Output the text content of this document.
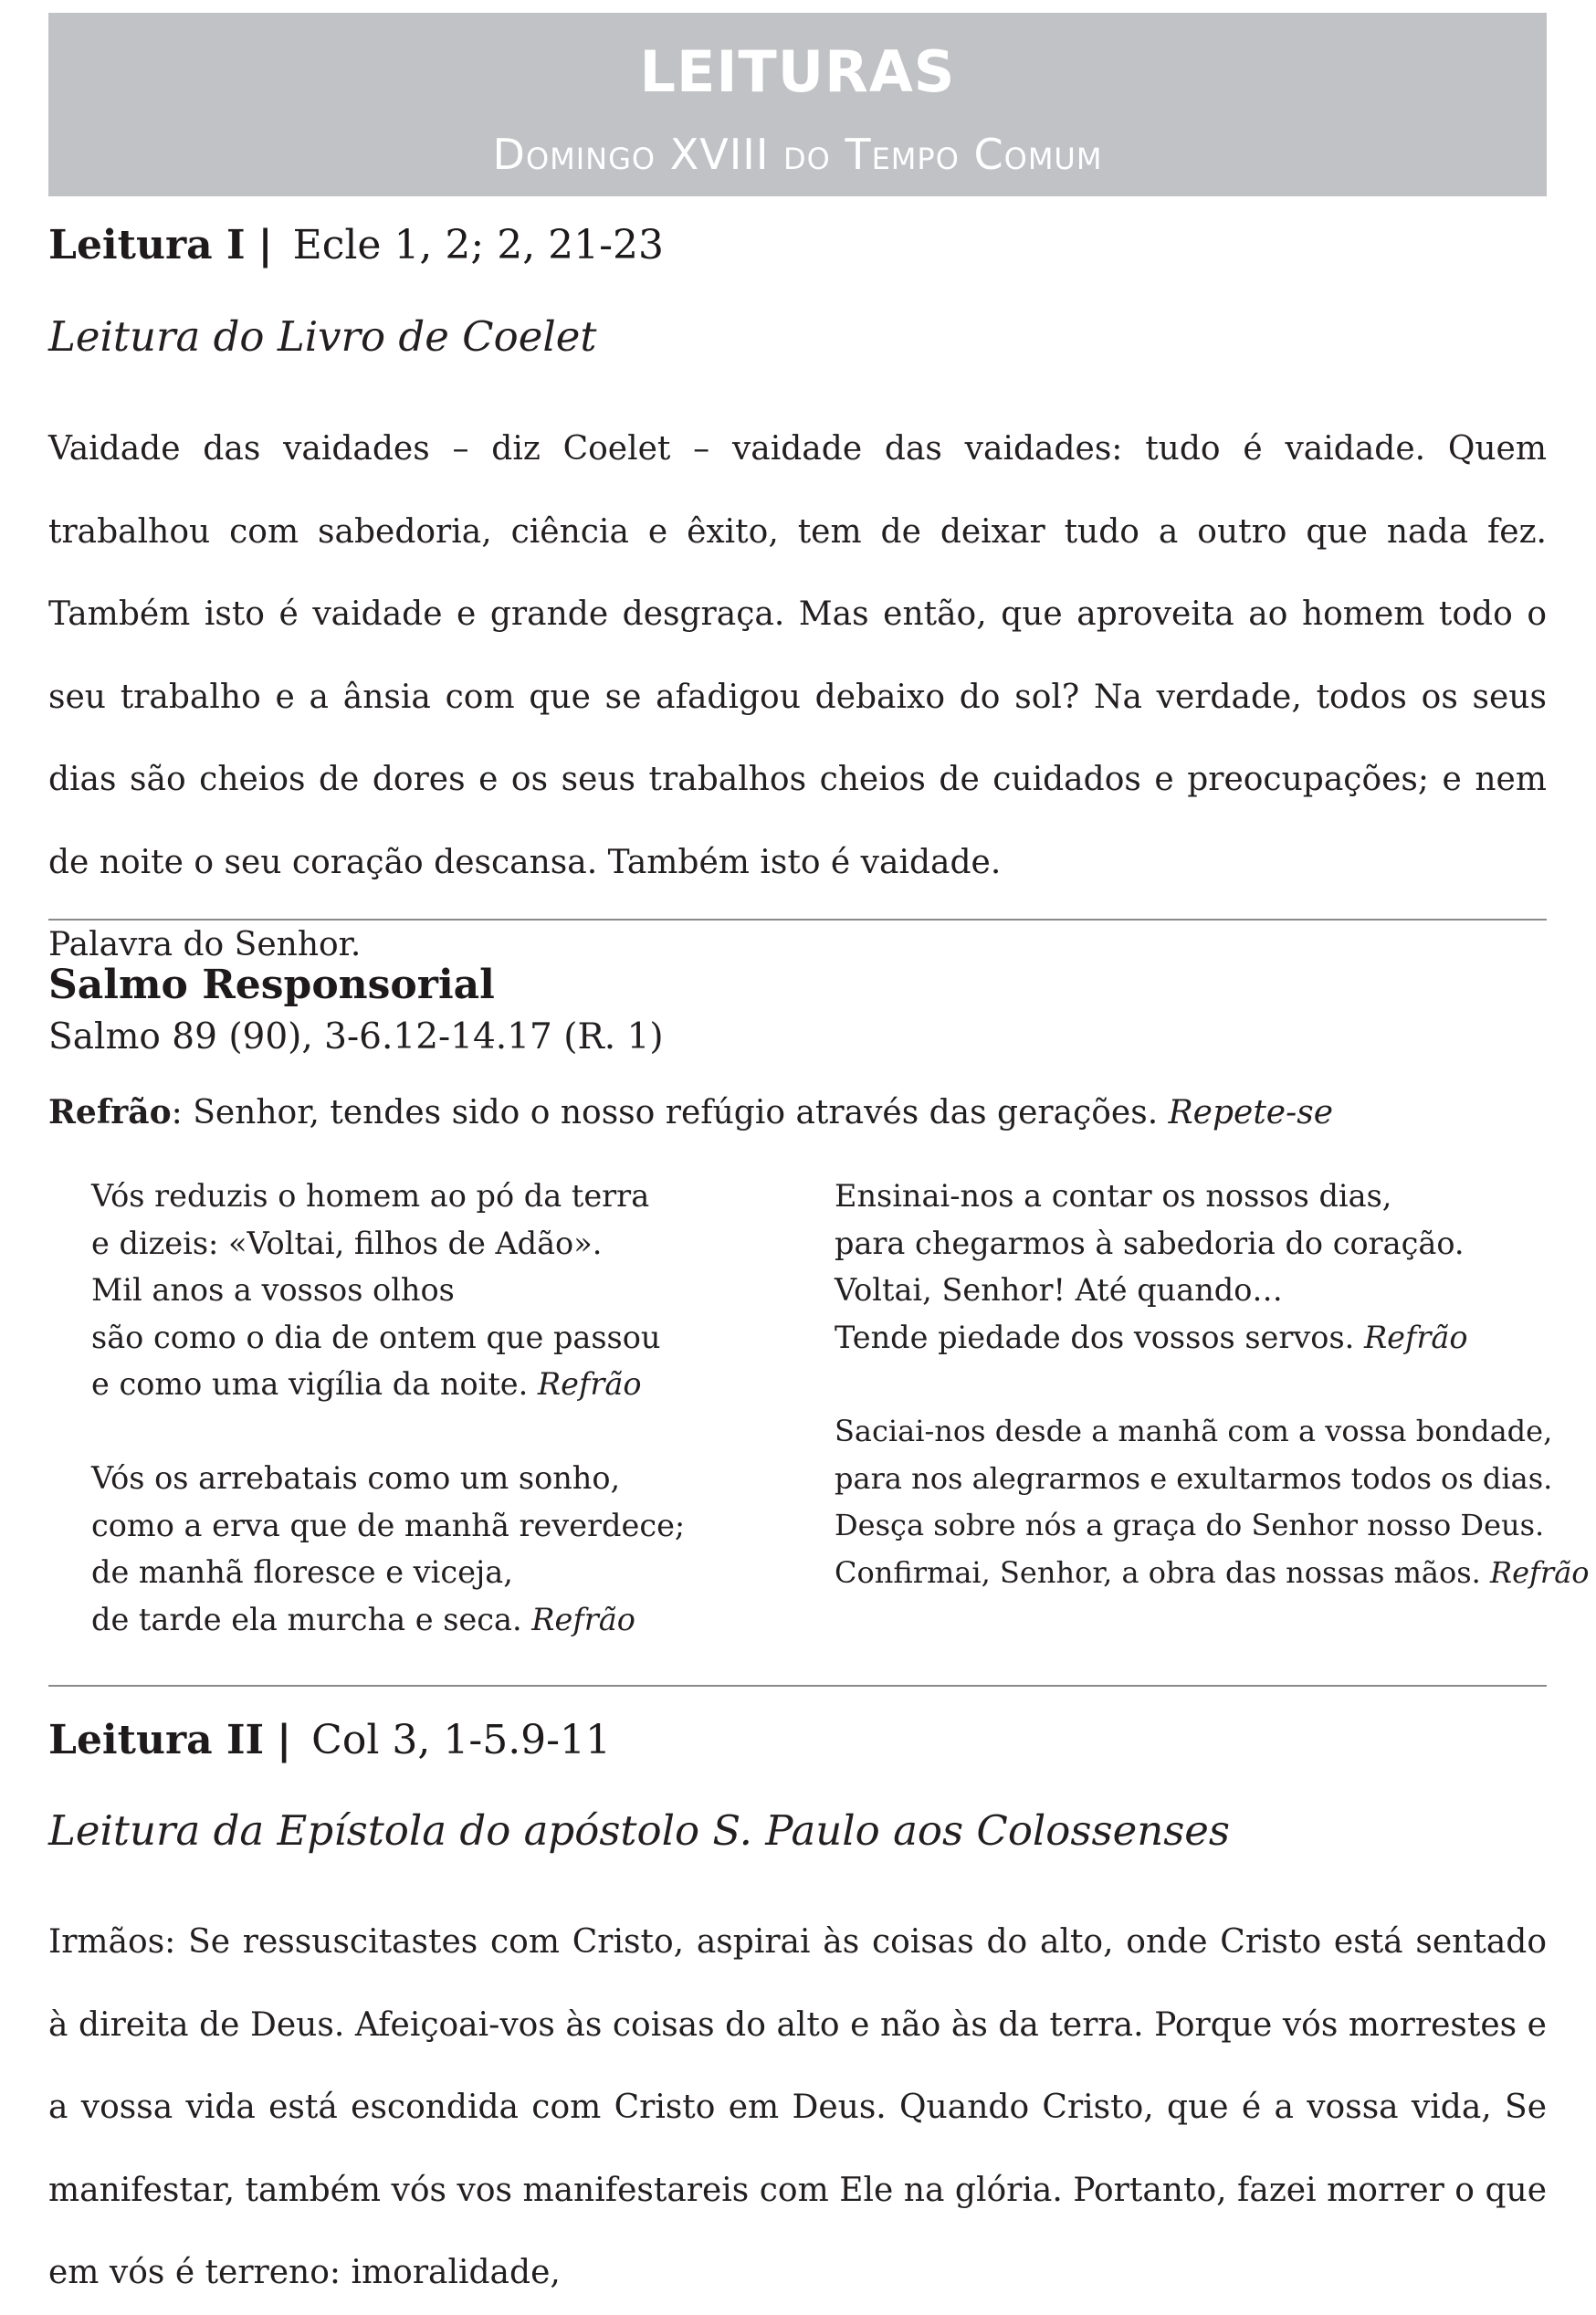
LEITURAS
Domingo XVIII do Tempo Comum
Leitura I | Ecle 1, 2; 2, 21-23
Leitura do Livro de Coelet
Vaidade das vaidades – diz Coelet – vaidade das vaidades: tudo é vaidade. Quem trabalhou com sabedoria, ciência e êxito, tem de deixar tudo a outro que nada fez. Também isto é vaidade e grande desgraça. Mas então, que aproveita ao homem todo o seu trabalho e a ânsia com que se afadigou debaixo do sol? Na verdade, todos os seus dias são cheios de dores e os seus trabalhos cheios de cuidados e preocupações; e nem de noite o seu coração descansa. Também isto é vaidade.
Palavra do Senhor.
Salmo Responsorial
Salmo 89 (90), 3-6.12-14.17 (R. 1)
Refrão: Senhor, tendes sido o nosso refúgio através das gerações. Repete-se
Vós reduzis o homem ao pó da terra
e dizeis: «Voltai, filhos de Adão».
Mil anos a vossos olhos
são como o dia de ontem que passou
e como uma vigília da noite. Refrão
Vós os arrebatais como um sonho,
como a erva que de manhã reverdece;
de manhã floresce e viceja,
de tarde ela murcha e seca. Refrão
Ensinai-nos a contar os nossos dias,
para chegarmos à sabedoria do coração.
Voltai, Senhor! Até quando…
Tende piedade dos vossos servos. Refrão
Saciai-nos desde a manhã com a vossa bondade,
para nos alegrarmos e exultarmos todos os dias.
Desça sobre nós a graça do Senhor nosso Deus.
Confirmai, Senhor, a obra das nossas mãos. Refrão
Leitura II | Col 3, 1-5.9-11
Leitura da Epístola do apóstolo S. Paulo aos Colossenses
Irmãos: Se ressuscitastes com Cristo, aspirai às coisas do alto, onde Cristo está sentado à direita de Deus. Afeiçoai-vos às coisas do alto e não às da terra. Porque vós morrestes e a vossa vida está escondida com Cristo em Deus. Quando Cristo, que é a vossa vida, Se manifestar, também vós vos manifestareis com Ele na glória. Portanto, fazei morrer o que em vós é terreno: imoralidade,
